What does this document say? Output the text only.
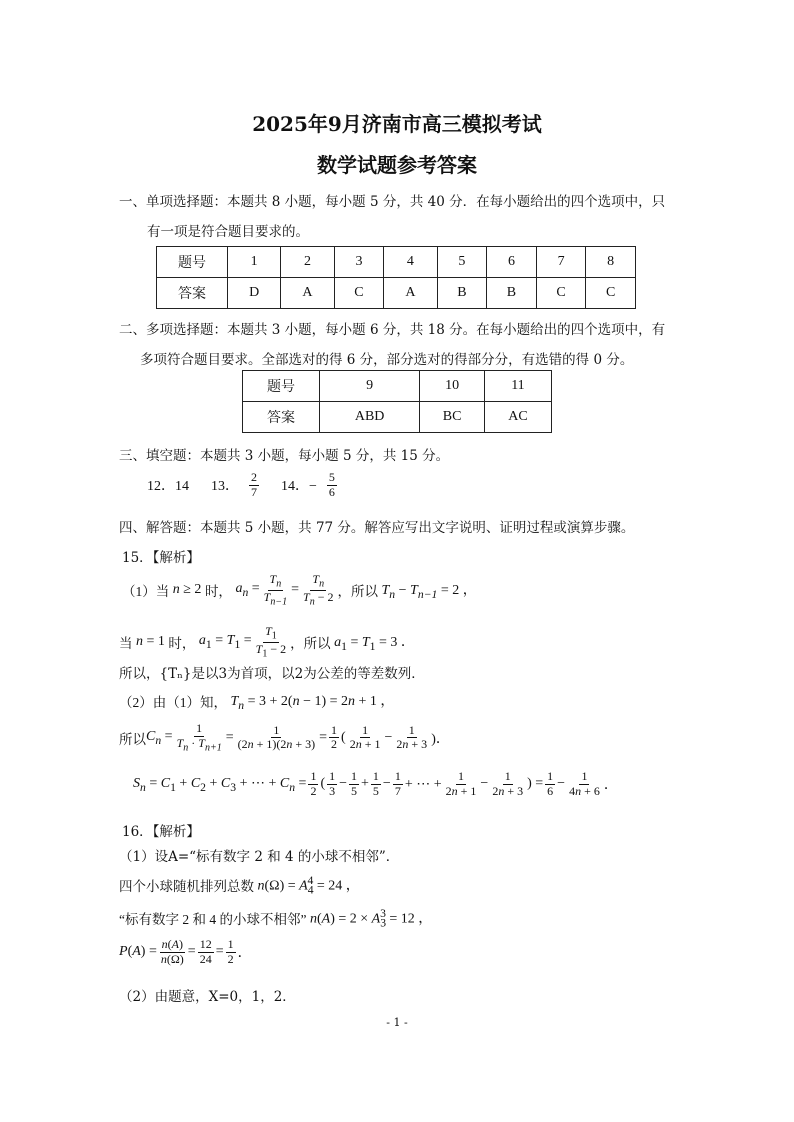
2025年9月济南市高三模拟考试
数学试题参考答案
一、单项选择题：本题共 8 小题，每小题 5 分，共 40 分．在每小题给出的四个选项中，只
有一项是符合题目要求的。
题号	1	2	3	4	5	6	7	8
答案	D	A	C	A	B	B	C	C
二、多项选择题：本题共 3 小题，每小题 6 分，共 18 分。在每小题给出的四个选项中，有
多项符合题目要求。全部选对的得 6 分，部分选对的得部分分，有选错的得 0 分。
题号	9	10	11
答案	ABD	BC	AC
三、填空题：本题共 3 小题，每小题 5 分，共 15 分。
12．14 13． $\frac{2}{7} 14$．− $\frac{5}{6}$
四、解答题：本题共 5 小题，共 77 分。解答应写出文字说明、证明过程或演算步骤。
15．【解析】
（1）当 n ≥ 2 时， $a_n = \frac{T_n}{T_{n-1}} = \frac{T_n}{T_n - 2}$ ，所以 $T_n - T_{n-1} = 2$ ，
当 n = 1 时， $a_1 = T_1 = \frac{T_1}{T_1 - 2}$ ，所以 $a_1 = T_1 = 3$ ．
所以，{Tₙ}是以3为首项，以2为公差的等差数列．
（2）由（1）知， $T_n = 3 + 2(n - 1) = 2n + 1$ ，
所以 $C_n = \frac{1}{T_n \cdot T_{n+1}} = \frac{1}{(2n + 1)(2n + 3)} = \frac{1}{2}$ ( $\frac{1}{2n + 1} - \frac{1}{2n + 3}$ )．
$S_n = C_1 + C_2 + C_3$ + ⋯ + $C_n = \frac{1}{2}$ ( $\frac{1}{3} - \frac{1}{5} + \frac{1}{5} - \frac{1}{7}$ + ⋯ + $\frac{1}{2n + 1} - \frac{1}{2n + 3}$ ) = $\frac{1}{6} - \frac{1}{4n + 6}$ ．
16．【解析】
（1）设A=“标有数字 2 和 4 的小球不相邻”．
四个小球随机排列总数 $n(\Omega) = A_4^4 = 24$ ，
“标有数字 2 和 4 的小球不相邻” $n(A) = 2 \times A_3^3 = 12$ ，
$P(A) = \frac{n(A)}{n(\Omega)} = \frac{12}{24} = \frac{1}{2}$ ．
（2）由题意，X=0，1，2．
- 1 -
